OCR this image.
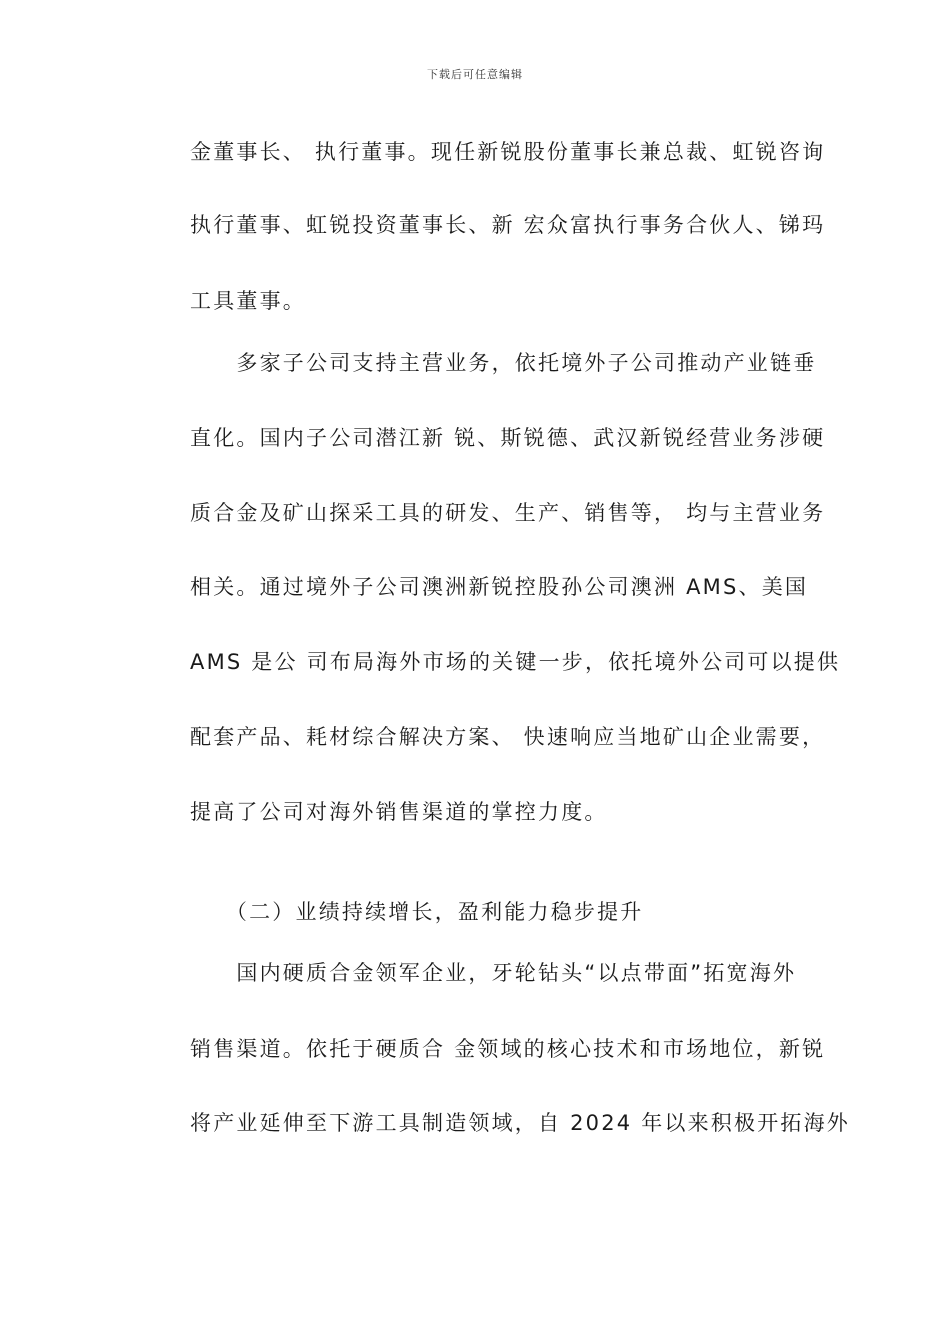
下载后可任意编辑
金董事长、 执行董事。现任新锐股份董事长兼总裁、虹锐咨询
执行董事、虹锐投资董事长、新 宏众富执行事务合伙人、锑玛
工具董事。
　　多家子公司支持主营业务，依托境外子公司推动产业链垂
直化。国内子公司潜江新 锐、斯锐德、武汉新锐经营业务涉硬
质合金及矿山探采工具的研发、生产、销售等， 均与主营业务
相关。通过境外子公司澳洲新锐控股孙公司澳洲 AMS、美国
AMS 是公 司布局海外市场的关键一步，依托境外公司可以提供
配套产品、耗材综合解决方案、 快速响应当地矿山企业需要，
提高了公司对海外销售渠道的掌控力度。
　　（二）业绩持续增长，盈利能力稳步提升
　　国内硬质合金领军企业，牙轮钻头“以点带面”拓宽海外
销售渠道。依托于硬质合 金领域的核心技术和市场地位，新锐
将产业延伸至下游工具制造领域，自 2024 年以来积极开拓海外
